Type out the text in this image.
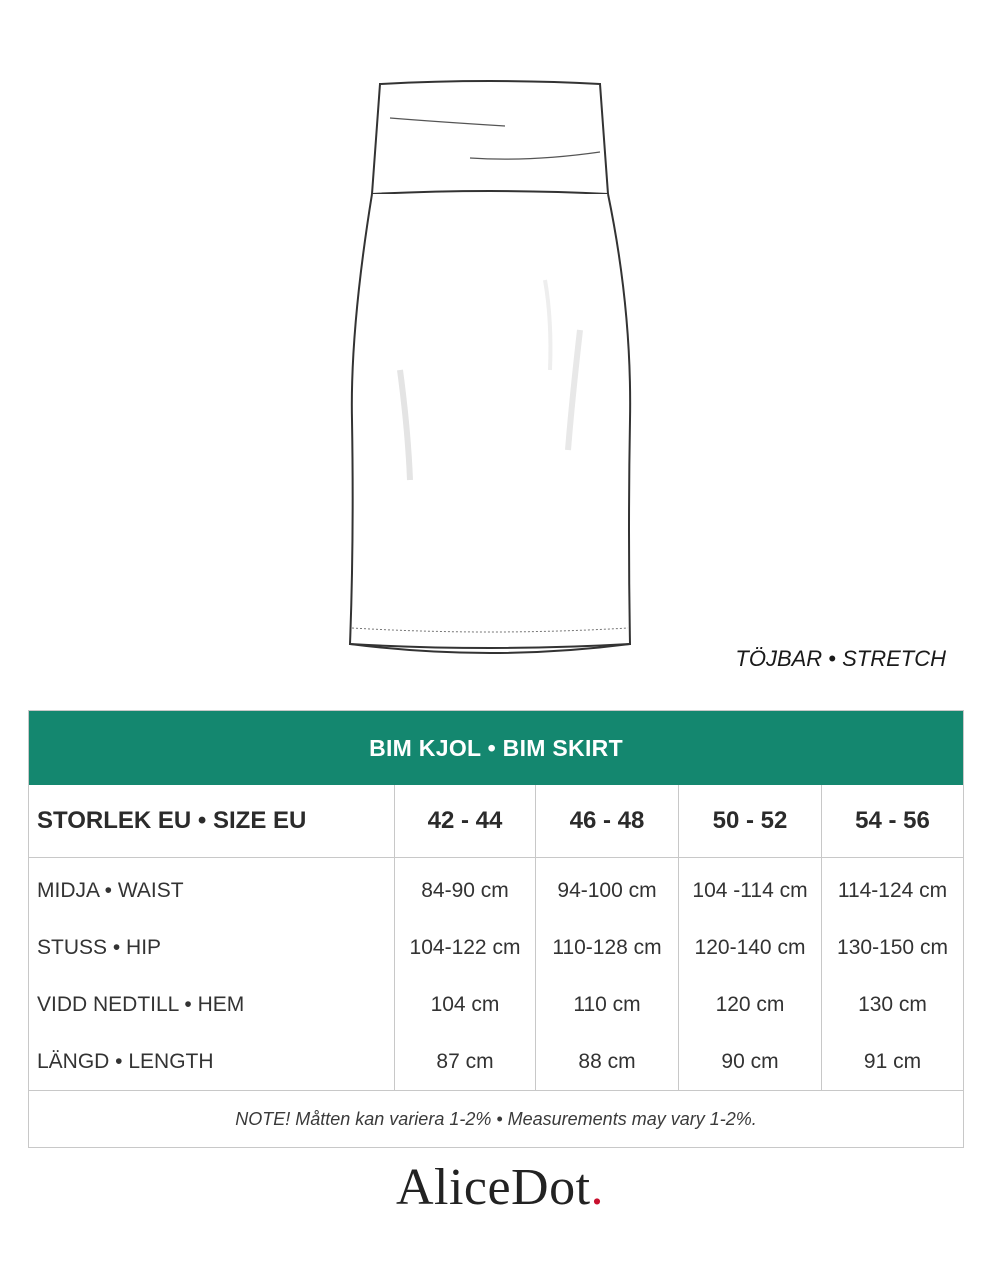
TÖJBAR • STRETCH
BIM KJOL • BIM SKIRT				
STORLEK EU • SIZE EU	42 - 44	46 - 48	50 - 52	54 - 56
MIDJA • WAIST	84-90 cm	94-100 cm	104 -114 cm	114-124 cm
STUSS • HIP	104-122 cm	110-128 cm	120-140 cm	130-150 cm
VIDD NEDTILL • HEM	104 cm	110 cm	120 cm	130 cm
LÄNGD • LENGTH	87 cm	88 cm	90 cm	91 cm
NOTE! Måtten kan variera 1-2% • Measurements may vary 1-2%.				
AliceDot.
